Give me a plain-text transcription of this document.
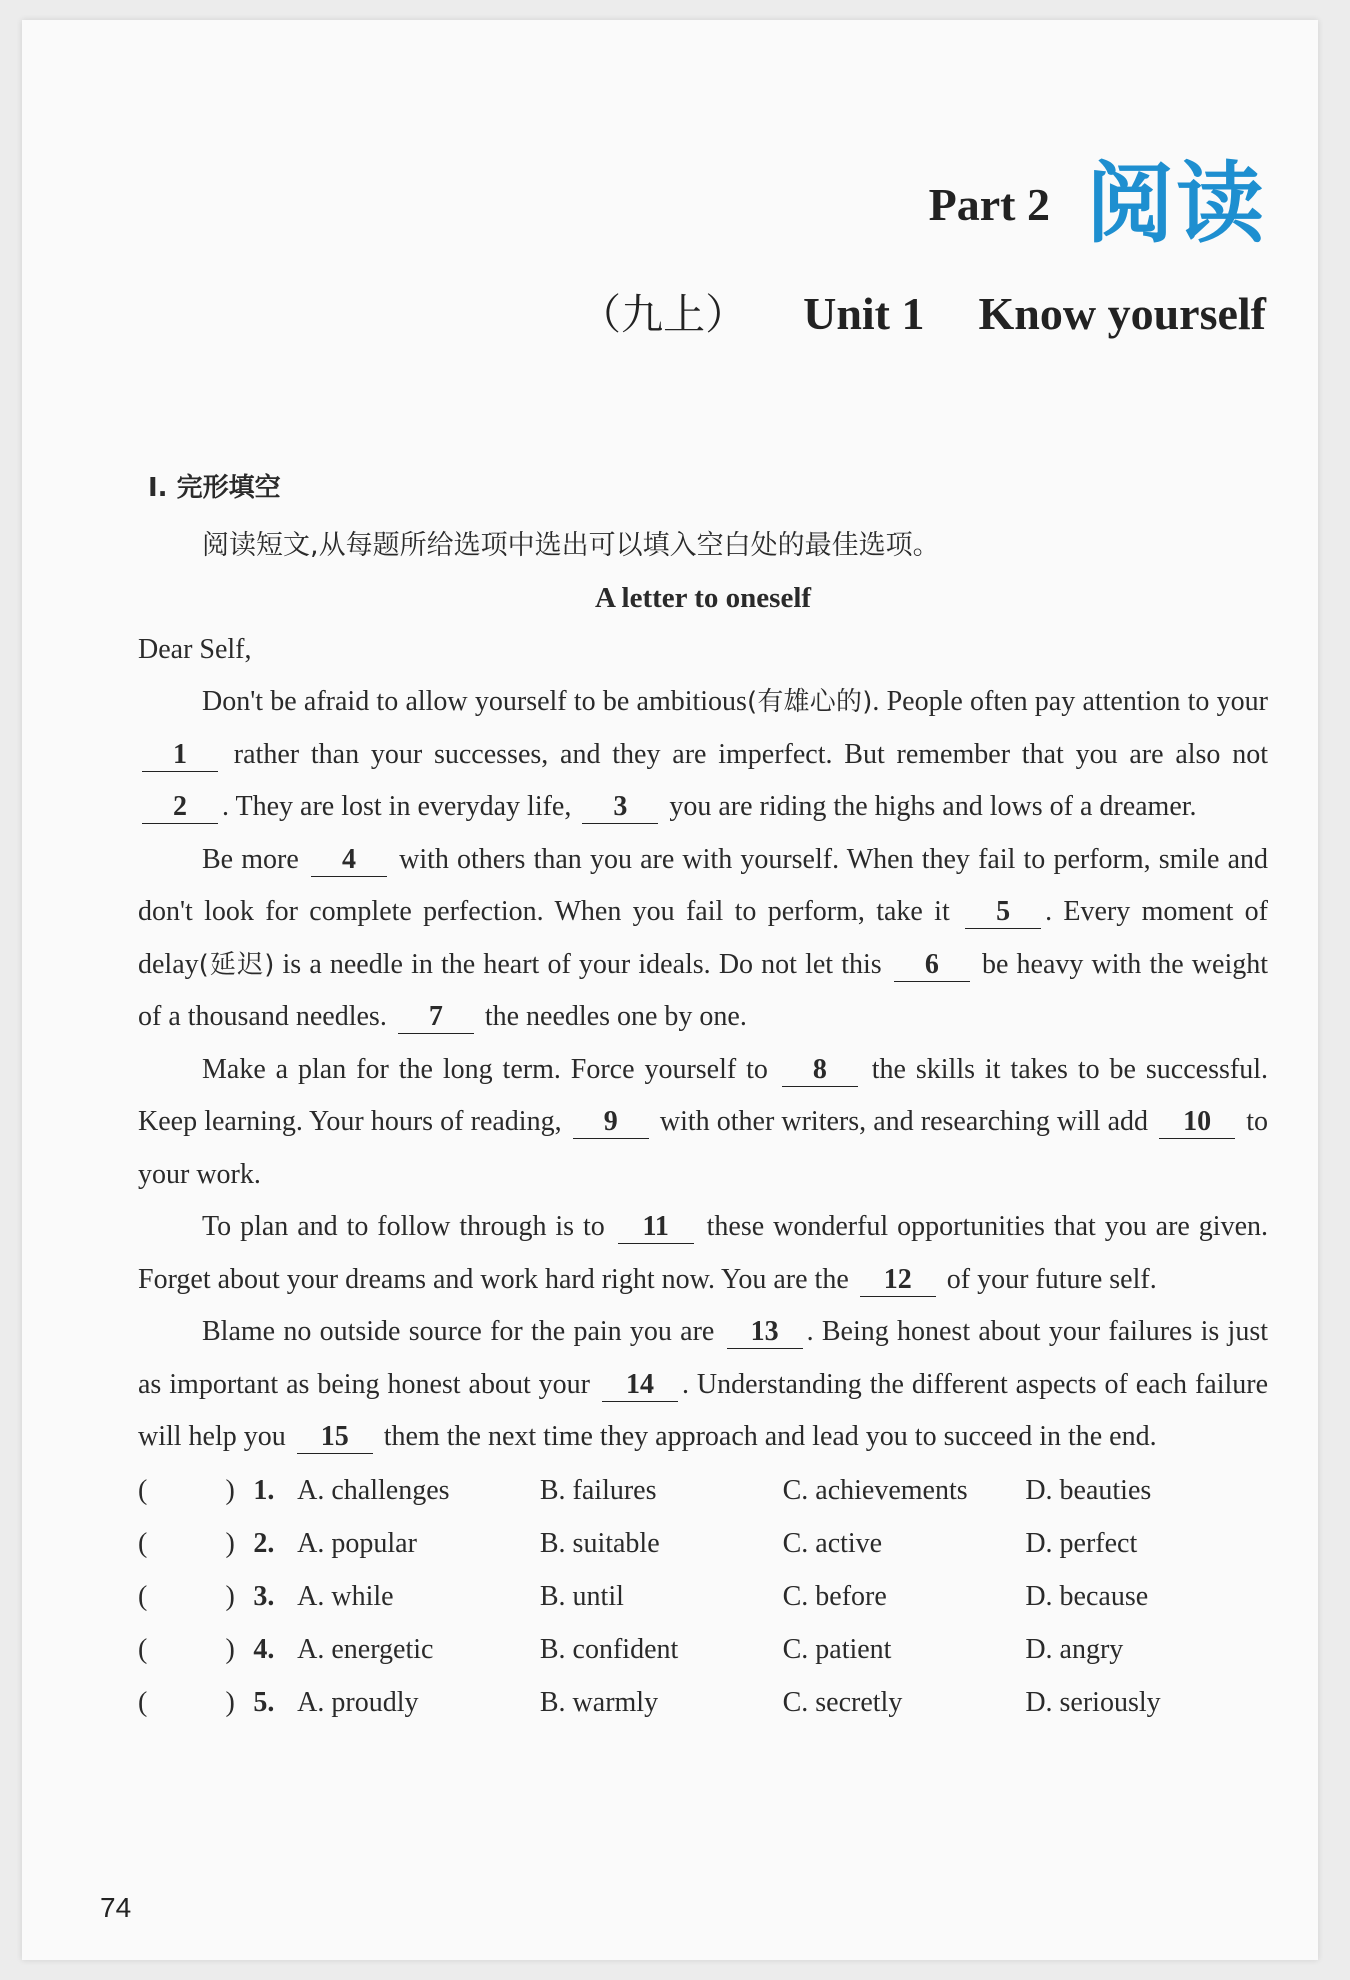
Part 2 阅读
（九上） Unit 1 Know yourself
Ⅰ. 完形填空
阅读短文,从每题所给选项中选出可以填入空白处的最佳选项。
A letter to oneself
Dear Self,
Don't be afraid to allow yourself to be ambitious(有雄心的). People often pay attention to your 1 rather than your successes, and they are imperfect. But remember that you are also not 2 . They are lost in everyday life, 3 you are riding the highs and lows of a dreamer.
Be more 4 with others than you are with yourself. When they fail to perform, smile and don't look for complete perfection. When you fail to perform, take it 5 . Every moment of delay(延迟) is a needle in the heart of your ideals. Do not let this 6 be heavy with the weight of a thousand needles. 7 the needles one by one.
Make a plan for the long term. Force yourself to 8 the skills it takes to be successful. Keep learning. Your hours of reading, 9 with other writers, and researching will add 10 to your work.
To plan and to follow through is to 11 these wonderful opportunities that you are given. Forget about your dreams and work hard right now. You are the 12 of your future self.
Blame no outside source for the pain you are 13 . Being honest about your failures is just as important as being honest about your 14 . Understanding the different aspects of each failure will help you 15 them the next time they approach and lead you to succeed in the end.
(	) 1. A. challenges	B. failures	C. achievements	D. beauties
(	) 2. A. popular	B. suitable	C. active	D. perfect
(	) 3. A. while	B. until	C. before	D. because
(	) 4. A. energetic	B. confident	C. patient	D. angry
(	) 5. A. proudly	B. warmly	C. secretly	D. seriously
74
